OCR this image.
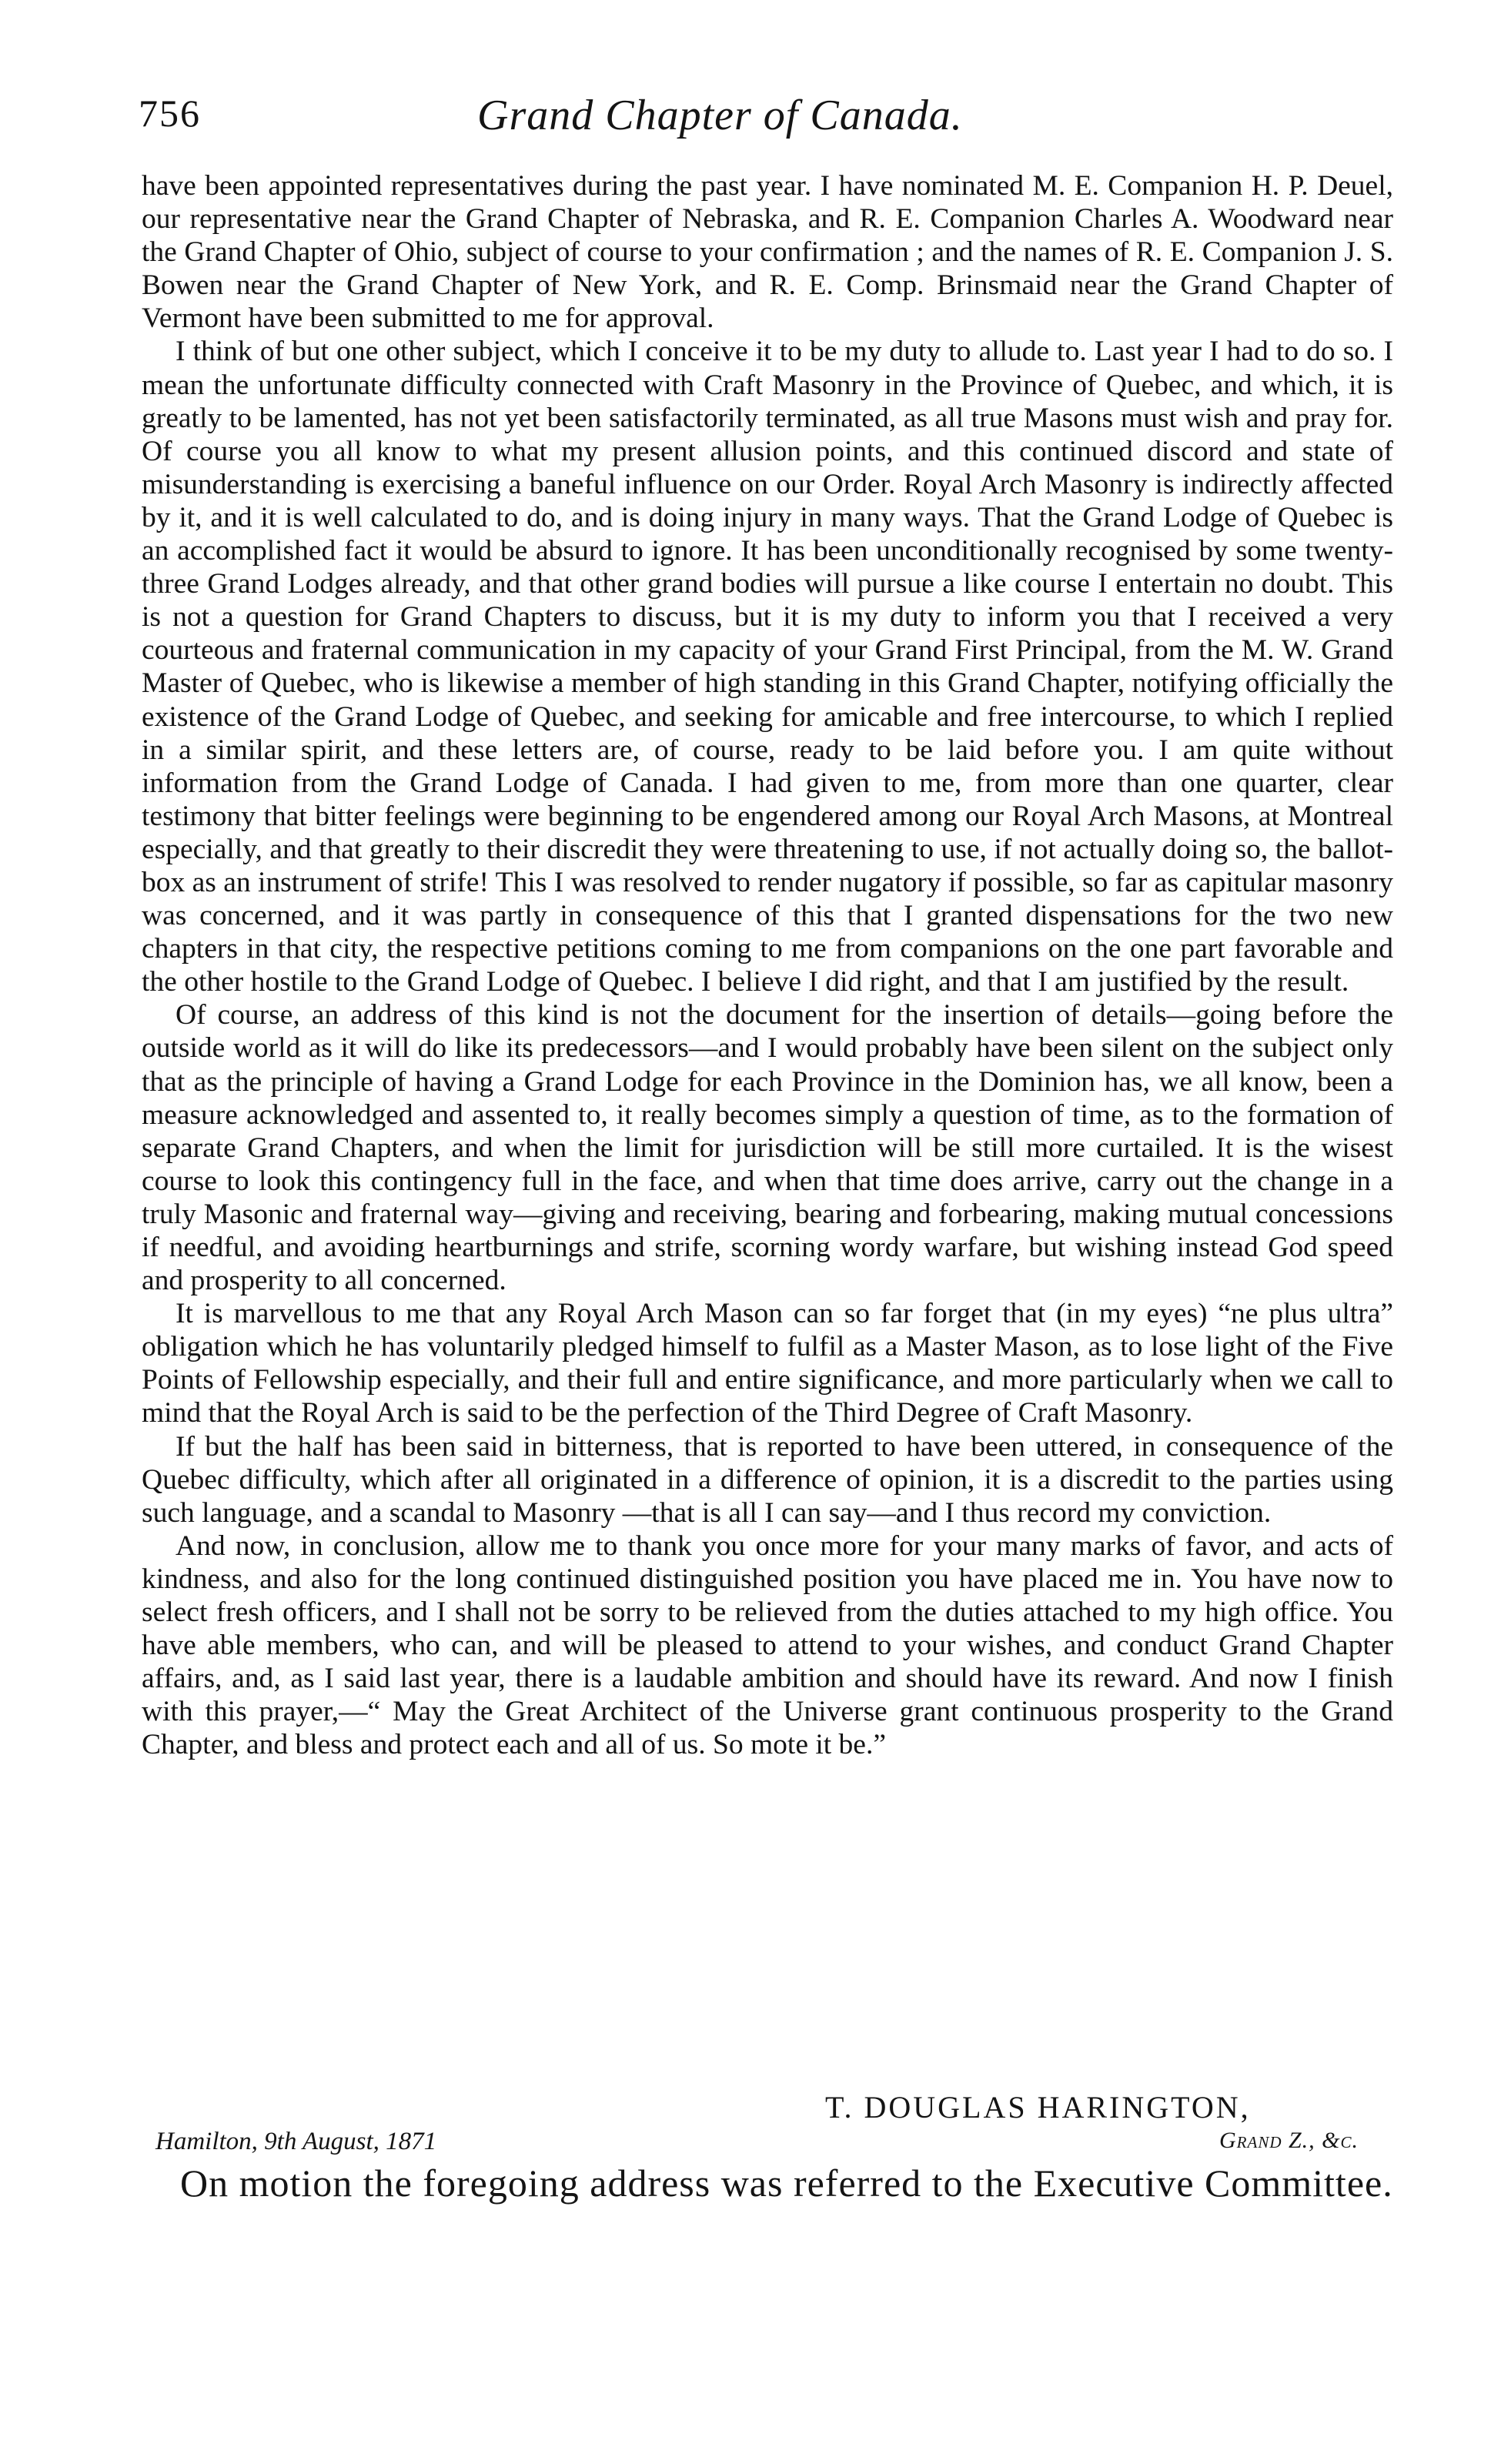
756	Grand Chapter of Canada.

have been appointed representatives during the past year. I have nominated M. E. Companion H. P. Deuel, our representative near the Grand Chapter of Nebraska, and R. E. Companion Charles A. Woodward near the Grand Chapter of Ohio, subject of course to your confirmation ; and the names of R. E. Companion J. S. Bowen near the Grand Chapter of New York, and R. E. Comp. Brinsmaid near the Grand Chapter of Vermont have been submitted to me for approval.

I think of but one other subject, which I conceive it to be my duty to allude to. Last year I had to do so. I mean the unfortunate difficulty connected with Craft Masonry in the Province of Quebec, and which, it is greatly to be lamented, has not yet been satisfactorily terminated, as all true Masons must wish and pray for. Of course you all know to what my present allusion points, and this continued discord and state of misunderstanding is exercising a baneful influence on our Order. Royal Arch Masonry is indirectly affected by it, and it is well calculated to do, and is doing injury in many ways. That the Grand Lodge of Quebec is an accomplished fact it would be absurd to ignore. It has been unconditionally recognised by some twenty-three Grand Lodges already, and that other grand bodies will pursue a like course I entertain no doubt. This is not a question for Grand Chapters to discuss, but it is my duty to inform you that I received a very courteous and fraternal communication in my capacity of your Grand First Principal, from the M. W. Grand Master of Quebec, who is likewise a member of high standing in this Grand Chapter, notifying officially the existence of the Grand Lodge of Quebec, and seeking for amicable and free intercourse, to which I replied in a similar spirit, and these letters are, of course, ready to be laid before you. I am quite without information from the Grand Lodge of Canada. I had given to me, from more than one quarter, clear testimony that bitter feelings were beginning to be engendered among our Royal Arch Masons, at Montreal especially, and that greatly to their discredit they were threatening to use, if not actually doing so, the ballot-box as an instrument of strife! This I was resolved to render nugatory if possible, so far as capitular masonry was concerned, and it was partly in consequence of this that I granted dispensations for the two new chapters in that city, the respective petitions coming to me from companions on the one part favorable and the other hostile to the Grand Lodge of Quebec. I believe I did right, and that I am justified by the result.

Of course, an address of this kind is not the document for the insertion of details—going before the outside world as it will do like its predecessors—and I would probably have been silent on the subject only that as the principle of having a Grand Lodge for each Province in the Dominion has, we all know, been a measure acknowledged and assented to, it really becomes simply a question of time, as to the formation of separate Grand Chapters, and when the limit for jurisdiction will be still more curtailed. It is the wisest course to look this contingency full in the face, and when that time does arrive, carry out the change in a truly Masonic and fraternal way—giving and receiving, bearing and forbearing, making mutual concessions if needful, and avoiding heartburnings and strife, scorning wordy warfare, but wishing instead God speed and prosperity to all concerned.

It is marvellous to me that any Royal Arch Mason can so far forget that (in my eyes) “ne plus ultra” obligation which he has voluntarily pledged himself to fulfil as a Master Mason, as to lose light of the Five Points of Fellowship especially, and their full and entire significance, and more particularly when we call to mind that the Royal Arch is said to be the perfection of the Third Degree of Craft Masonry.

If but the half has been said in bitterness, that is reported to have been uttered, in consequence of the Quebec difficulty, which after all originated in a difference of opinion, it is a discredit to the parties using such language, and a scandal to Masonry —that is all I can say—and I thus record my conviction.

And now, in conclusion, allow me to thank you once more for your many marks of favor, and acts of kindness, and also for the long continued distinguished position you have placed me in. You have now to select fresh officers, and I shall not be sorry to be relieved from the duties attached to my high office. You have able members, who can, and will be pleased to attend to your wishes, and conduct Grand Chapter affairs, and, as I said last year, there is a laudable ambition and should have its reward. And now I finish with this prayer,—“ May the Great Architect of the Universe grant continuous prosperity to the Grand Chapter, and bless and protect each and all of us. So mote it be.”

T. DOUGLAS HARINGTON,
Hamilton, 9th August, 1871	Grand Z., &c.
On motion the foregoing address was referred to the Executive Committee.
